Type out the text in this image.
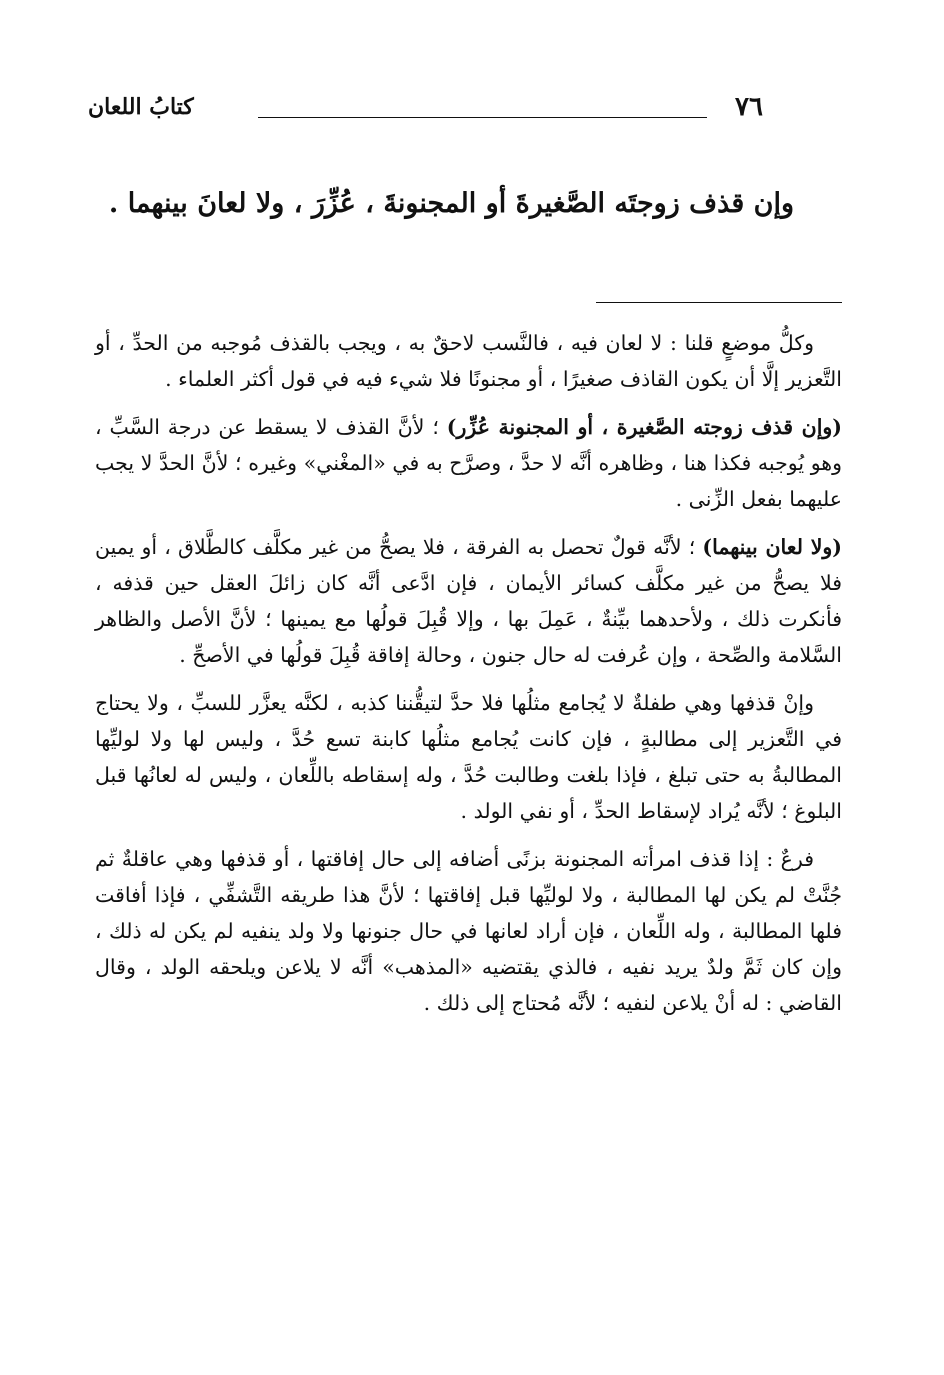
٧٦
كتابُ اللعان
وإن قذف زوجتَه الصَّغيرةَ أو المجنونةَ ، عُزِّرَ ، ولا لعانَ بينهما .

وكلُّ موضعٍ قلنا : لا لعان فيه ، فالنَّسب لاحقٌ به ، ويجب بالقذف مُوجبه من الحدِّ ، أو التَّعزير إلَّا أن يكون القاذف صغيرًا ، أو مجنونًا فلا شيء فيه في قول أكثر العلماء .

(وإن قذف زوجته الصَّغيرة ، أو المجنونة عُزِّر) ؛ لأنَّ القذف لا يسقط عن درجة السَّبِّ ، وهو يُوجبه فكذا هنا ، وظاهره أنَّه لا حدَّ ، وصرَّح به في «المغْني» وغيره ؛ لأنَّ الحدَّ لا يجب عليهما بفعل الزِّنى .

(ولا لعان بينهما) ؛ لأنَّه قولٌ تحصل به الفرقة ، فلا يصحُّ من غير مكلَّف كالطَّلاق ، أو يمين فلا يصحُّ من غير مكلَّف كسائر الأيمان ، فإن ادَّعى أنَّه كان زائلَ العقل حين قذفه ، فأنكرت ذلك ، ولأحدهما بيِّنةٌ ، عَمِلَ بها ، وإلا قُبِلَ قولُها مع يمينها ؛ لأنَّ الأصل والظاهر السَّلامة والصِّحة ، وإن عُرفت له حال جنون ، وحالة إفاقة قُبِلَ قولُها في الأصحِّ .

وإنْ قذفها وهي طفلةٌ لا يُجامع مثلُها فلا حدَّ لتيقُّننا كذبه ، لكنَّه يعزَّر للسبِّ ، ولا يحتاج في التَّعزير إلى مطالبةٍ ، فإن كانت يُجامع مثلُها كابنة تسع حُدَّ ، وليس لها ولا لوليِّها المطالبةُ به حتى تبلغ ، فإذا بلغت وطالبت حُدَّ ، وله إسقاطه باللِّعان ، وليس له لعانُها قبل البلوغ ؛ لأنَّه يُراد لإسقاط الحدِّ ، أو نفي الولد .

فرعٌ : إذا قذف امرأته المجنونة بزنًى أضافه إلى حال إفاقتها ، أو قذفها وهي عاقلةٌ ثم جُنَّتْ لم يكن لها المطالبة ، ولا لوليِّها قبل إفاقتها ؛ لأنَّ هذا طريقه التَّشفِّي ، فإذا أفاقت فلها المطالبة ، وله اللِّعان ، فإن أراد لعانها في حال جنونها ولا ولد ينفيه لم يكن له ذلك ، وإن كان ثَمَّ ولدٌ يريد نفيه ، فالذي يقتضيه «المذهب» أنَّه لا يلاعن ويلحقه الولد ، وقال القاضي : له أنْ يلاعن لنفيه ؛ لأنَّه مُحتاج إلى ذلك .
